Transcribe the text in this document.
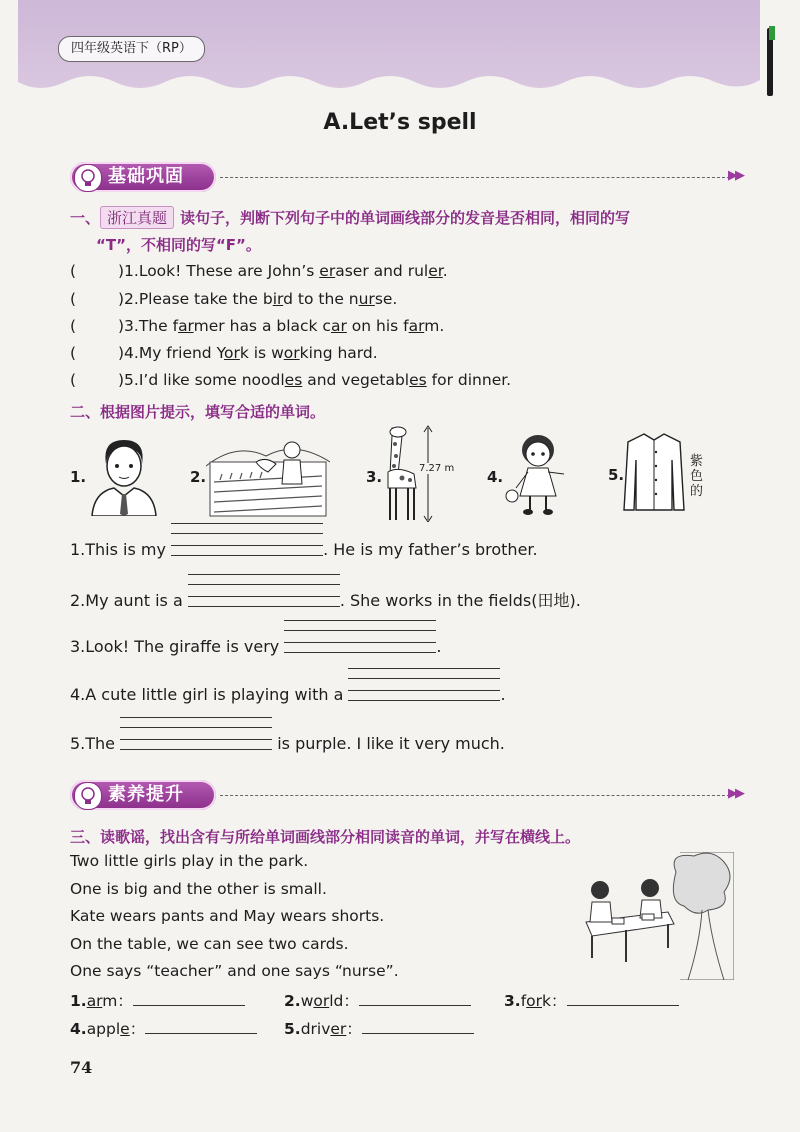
四年级英语下（RP）
A.Let’s spell
基础巩固	▶▶
一、 浙江真题 读句子，判断下列句子中的单词画线部分的发音是否相同，相同的写
“T”，不相同的写“F”。
(	)1.Look! These are John’s eraser and ruler.
(	)2.Please take the bird to the nurse.
(	)3.The farmer has a black car on his farm.
(	)4.My friend York is working hard.
(	)5.I’d like some noodles and vegetables for dinner.
二、根据图片提示，填写合适的单词。
1.	2.	3.	7.27 m 4.	5.
紫色的
1.This is my	. He is my father’s brother.
2.My aunt is a	. She works in the fields(田地).
3.Look! The giraffe is very	.
4.A cute little girl is playing with a	.
5.The	is purple. I like it very much.
素养提升	▶▶
三、读歌谣，找出含有与所给单词画线部分相同读音的单词，并写在横线上。
Two little girls play in the park.
One is big and the other is small.
Kate wears pants and May wears shorts.
On the table, we can see two cards.
One says “teacher” and one says “nurse”.
1.arm：	2.world：	3.fork：
4.apple：	5.driver：
74
